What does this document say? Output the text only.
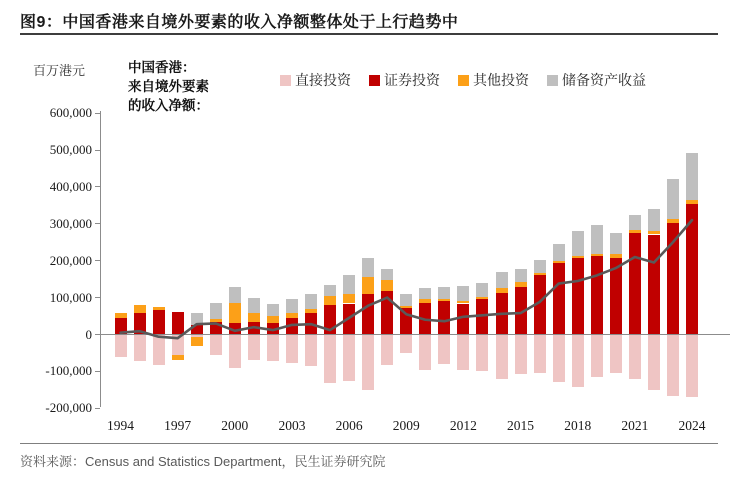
图9：中国香港来自境外要素的收入净额整体处于上行趋势中
百万港元	中国香港：
来自境外要素
的收入净额：
直接投资 证券投资 其他投资 储备资产收益
600,000
500,000
400,000
300,000
200,000
100,000
0
-100,000
-200,000
1994	1997	2000	2003	2006	2009	2012	2015	2018	2021	2024
资料来源：Census and Statistics Department，民生证券研究院
